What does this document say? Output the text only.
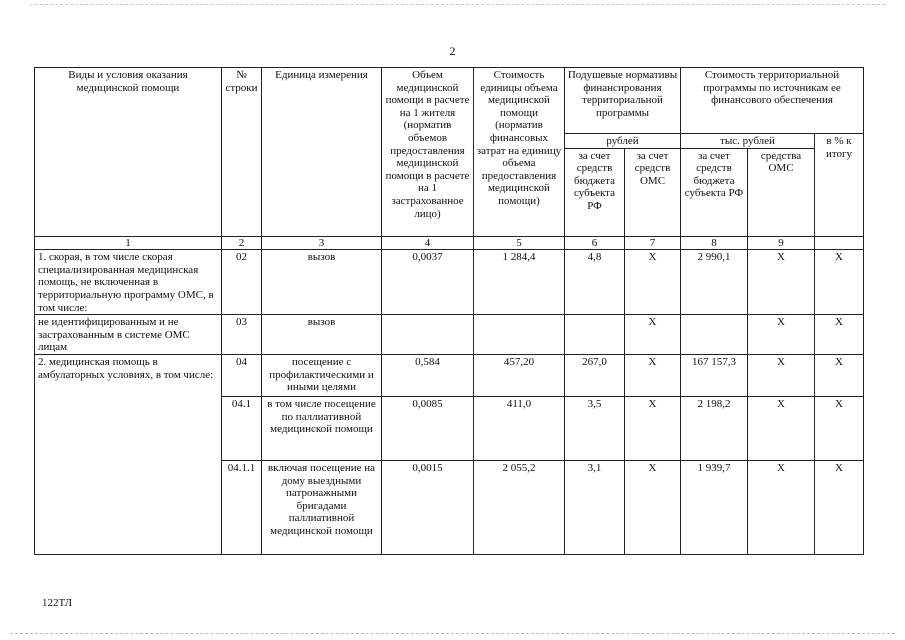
2
Виды и условия оказания медицинской помощи	№ строки	Единица измерения	Объем медицинской помощи в расчете на 1 жителя (норматив объемов предоставления медицинской помощи в расчете на 1 застрахованное лицо)	Стоимость единицы объема медицинской помощи (норматив финансовых затрат на единицу объема предоставления медицинской помощи)	Подушевые нормативы финансирования территориальной программы		Стоимость территориальной программы по источникам ее финансового обеспечения		
					рублей		тыс. рублей		в % к итогу
					за счет средств бюджета субъекта РФ	за счет средств ОМС	за счет средств бюджета субъекта РФ	средства ОМС	
1	2	3	4	5	6	7	8	9	
1. скорая, в том числе скорая специализированная медицинская помощь, не включенная в территориальную программу ОМС, в том числе:	02	вызов	0,0037	1 284,4	4,8	X	2 990,1	X	X
не идентифицированным и не застрахованным в системе ОМС лицам	03	вызов				X		X	X
2. медицинская помощь в амбулаторных условиях, в том числе:	04	посещение с профилактическими и иными целями	0,584	457,20	267,0	X	167 157,3	X	X
	04.1	в том числе посещение по паллиативной медицинской помощи	0,0085	411,0	3,5	X	2 198,2	X	X
	04.1.1	включая посещение на дому выездными патронажными бригадами паллиативной медицинской помощи	0,0015	2 055,2	3,1	X	1 939,7	X	X
122ТЛ
